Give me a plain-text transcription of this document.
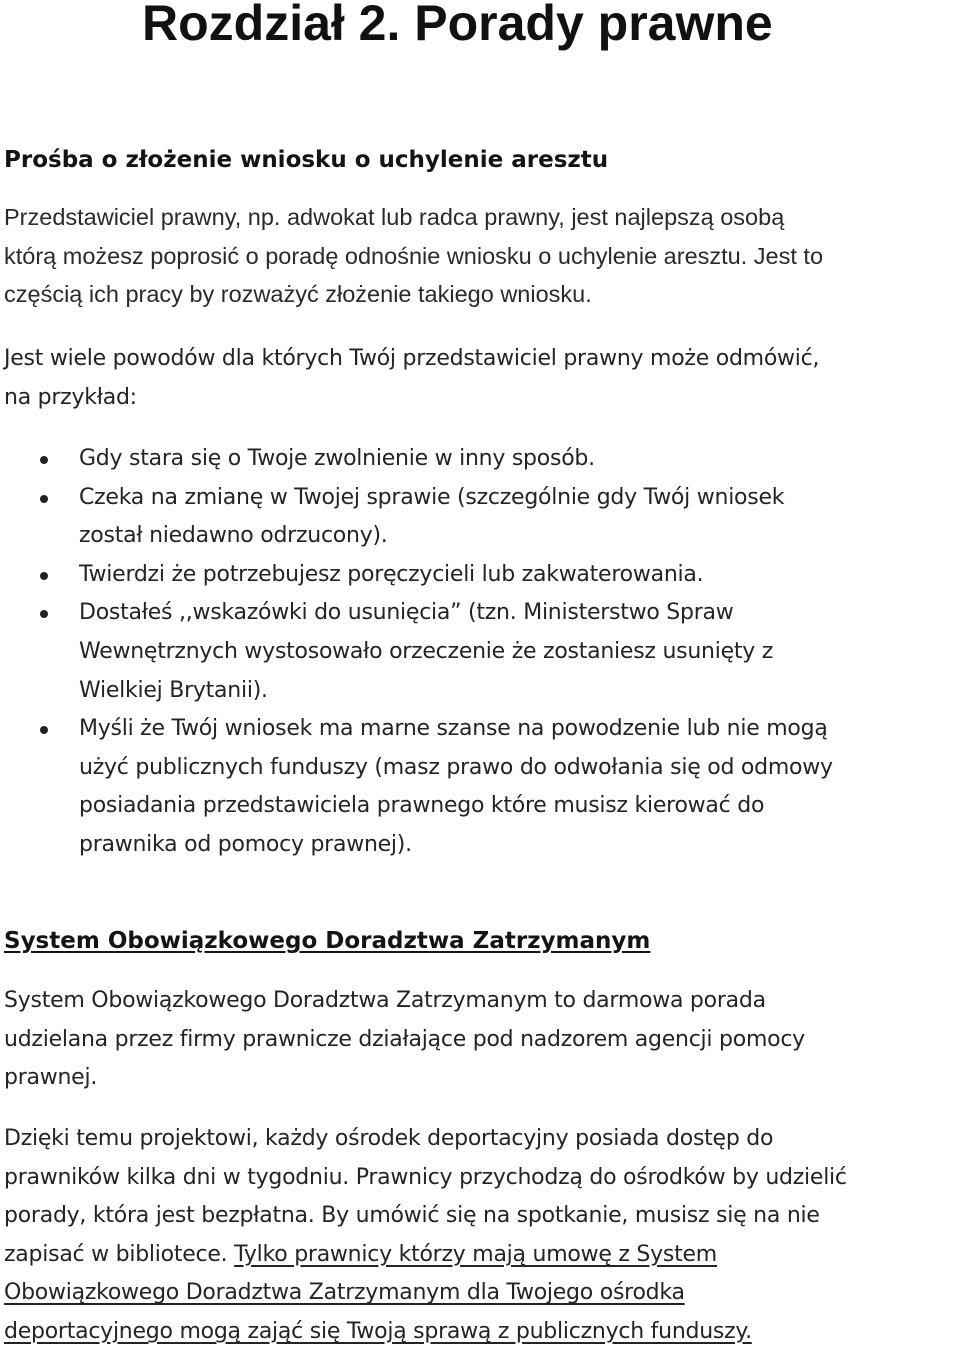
Rozdział 2. Porady prawne
Prośba o złożenie wniosku o uchylenie aresztu
Przedstawiciel prawny, np. adwokat lub radca prawny, jest najlepszą osobą
którą możesz poprosić o poradę odnośnie wniosku o uchylenie aresztu. Jest to
częścią ich pracy by rozważyć złożenie takiego wniosku.
Jest wiele powodów dla których Twój przedstawiciel prawny może odmówić,
na przykład:
Gdy stara się o Twoje zwolnienie w inny sposób.
Czeka na zmianę w Twojej sprawie (szczególnie gdy Twój wniosek
został niedawno odrzucony).
Twierdzi że potrzebujesz poręczycieli lub zakwaterowania.
Dostałeś ,,wskazówki do usunięcia” (tzn. Ministerstwo Spraw
Wewnętrznych wystosowało orzeczenie że zostaniesz usunięty z
Wielkiej Brytanii).
Myśli że Twój wniosek ma marne szanse na powodzenie lub nie mogą
użyć publicznych funduszy (masz prawo do odwołania się od odmowy
posiadania przedstawiciela prawnego które musisz kierować do
prawnika od pomocy prawnej).
System Obowiązkowego Doradztwa Zatrzymanym
System Obowiązkowego Doradztwa Zatrzymanym to darmowa porada
udzielana przez firmy prawnicze działające pod nadzorem agencji pomocy
prawnej.
Dzięki temu projektowi, każdy ośrodek deportacyjny posiada dostęp do
prawników kilka dni w tygodniu. Prawnicy przychodzą do ośrodków by udzielić
porady, która jest bezpłatna. By umówić się na spotkanie, musisz się na nie
zapisać w bibliotece. Tylko prawnicy którzy mają umowę z System
Obowiązkowego Doradztwa Zatrzymanym dla Twojego ośrodka
deportacyjnego mogą zająć się Twoją sprawą z publicznych funduszy.
